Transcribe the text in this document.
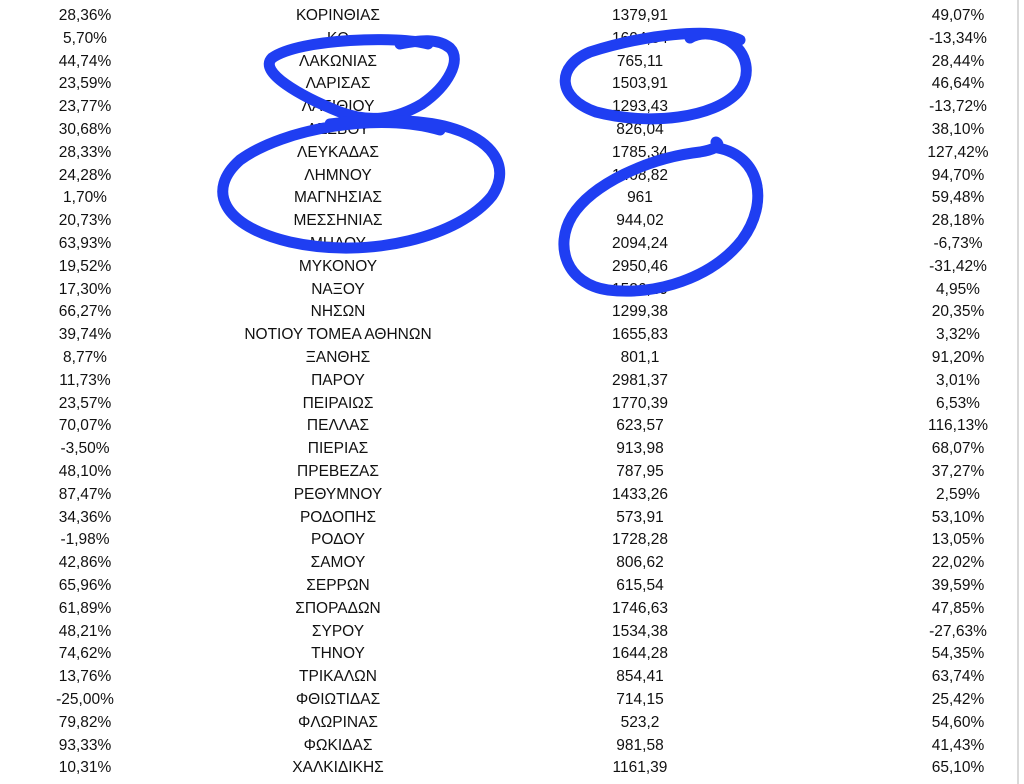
28,36%	ΚΟΡΙΝΘΙΑΣ	1379,91	49,07%
5,70%	ΚΩ	1604,84	-13,34%
44,74%	ΛΑΚΩΝΙΑΣ	765,11	28,44%
23,59%	ΛΑΡΙΣΑΣ	1503,91	46,64%
23,77%	ΛΑΣΙΘΙΟΥ	1293,43	-13,72%
30,68%	ΛΕΣΒΟΥ	826,04	38,10%
28,33%	ΛΕΥΚΑΔΑΣ	1785,34	127,42%
24,28%	ΛΗΜΝΟΥ	1408,82	94,70%
1,70%	ΜΑΓΝΗΣΙΑΣ	961	59,48%
20,73%	ΜΕΣΣΗΝΙΑΣ	944,02	28,18%
63,93%	ΜΗΛΟΥ	2094,24	-6,73%
19,52%	ΜΥΚΟΝΟΥ	2950,46	-31,42%
17,30%	ΝΑΞΟΥ	1526,49	4,95%
66,27%	ΝΗΣΩΝ	1299,38	20,35%
39,74%	ΝΟΤΙΟΥ ΤΟΜΕΑ ΑΘΗΝΩΝ	1655,83	3,32%
8,77%	ΞΑΝΘΗΣ	801,1	91,20%
11,73%	ΠΑΡΟΥ	2981,37	3,01%
23,57%	ΠΕΙΡΑΙΩΣ	1770,39	6,53%
70,07%	ΠΕΛΛΑΣ	623,57	116,13%
-3,50%	ΠΙΕΡΙΑΣ	913,98	68,07%
48,10%	ΠΡΕΒΕΖΑΣ	787,95	37,27%
87,47%	ΡΕΘΥΜΝΟΥ	1433,26	2,59%
34,36%	ΡΟΔΟΠΗΣ	573,91	53,10%
-1,98%	ΡΟΔΟΥ	1728,28	13,05%
42,86%	ΣΑΜΟΥ	806,62	22,02%
65,96%	ΣΕΡΡΩΝ	615,54	39,59%
61,89%	ΣΠΟΡΑΔΩΝ	1746,63	47,85%
48,21%	ΣΥΡΟΥ	1534,38	-27,63%
74,62%	ΤΗΝΟΥ	1644,28	54,35%
13,76%	ΤΡΙΚΑΛΩΝ	854,41	63,74%
-25,00%	ΦΘΙΩΤΙΔΑΣ	714,15	25,42%
79,82%	ΦΛΩΡΙΝΑΣ	523,2	54,60%
93,33%	ΦΩΚΙΔΑΣ	981,58	41,43%
10,31%	ΧΑΛΚΙΔΙΚΗΣ	1161,39	65,10%
